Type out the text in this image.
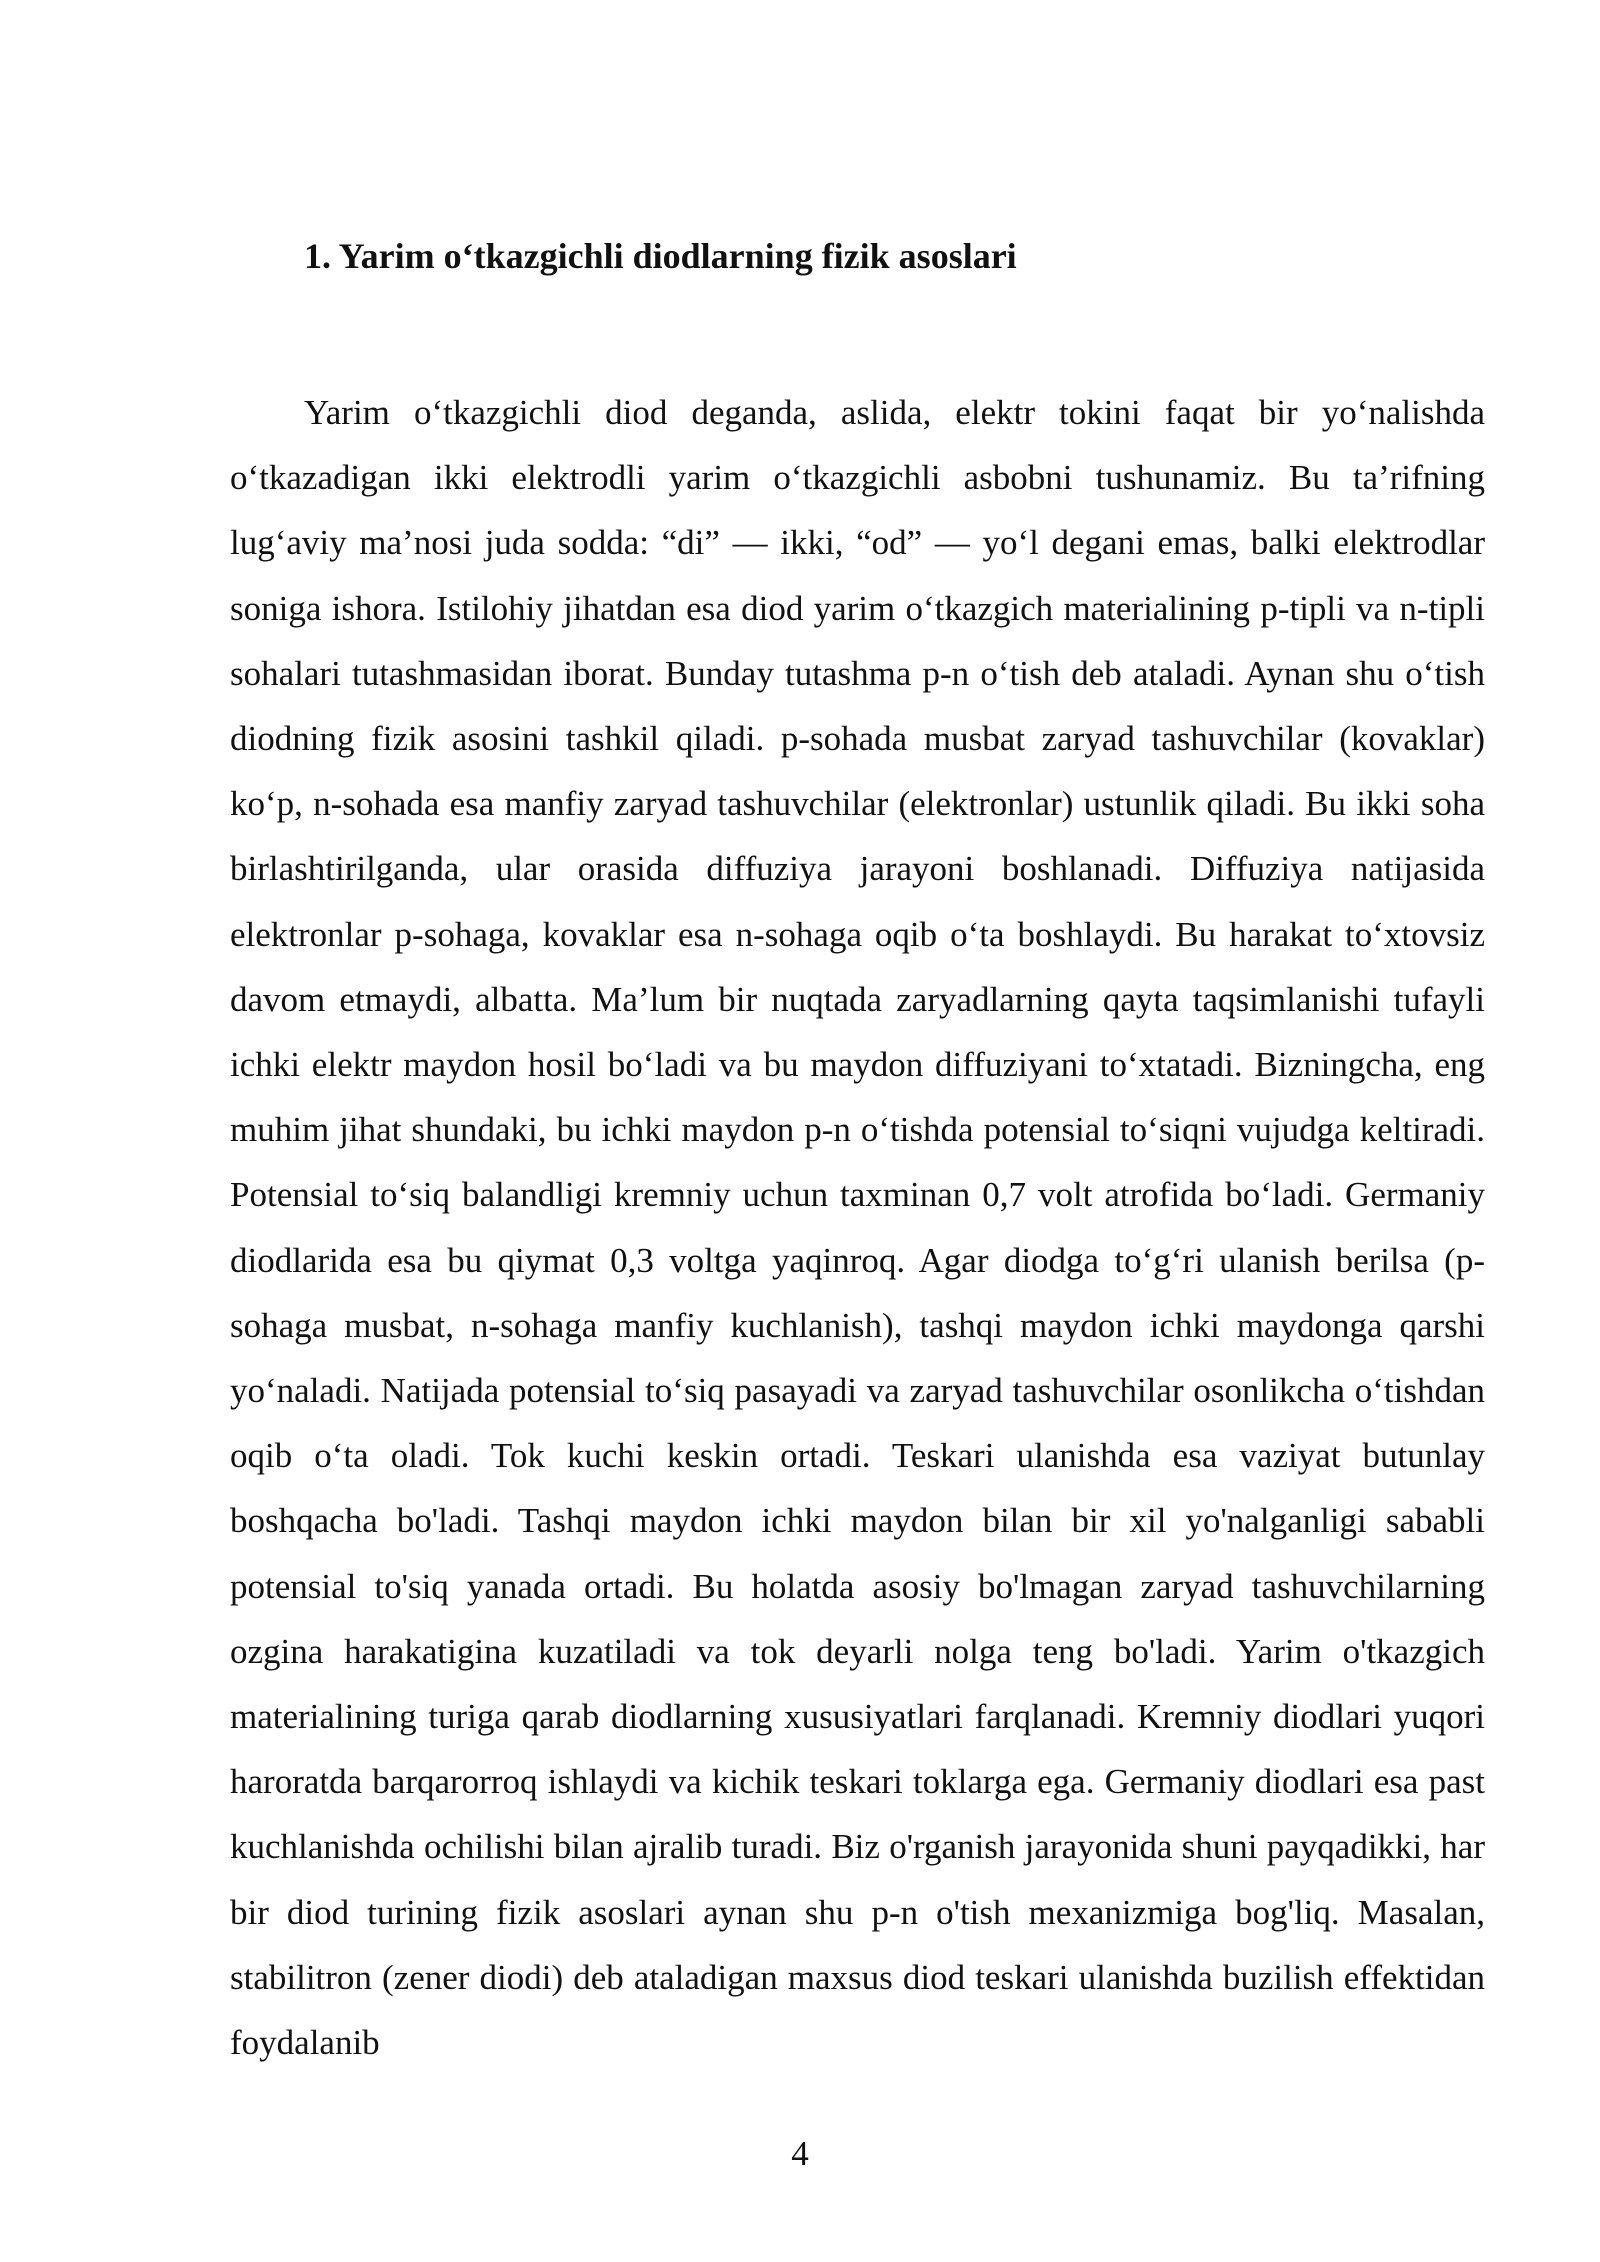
1. Yarim o‘tkazgichli diodlarning fizik asoslari

Yarim o‘tkazgichli diod deganda, aslida, elektr tokini faqat bir yo‘nalishda o‘tkazadigan ikki elektrodli yarim o‘tkazgichli asbobni tushunamiz. Bu ta’rifning lug‘aviy ma’nosi juda sodda: “di” — ikki, “od” — yo‘l degani emas, balki elektrodlar soniga ishora. Istilohiy jihatdan esa diod yarim o‘tkazgich materialining p-tipli va n-tipli sohalari tutashmasidan iborat. Bunday tutashma p-n o‘tish deb ataladi. Aynan shu o‘tish diodning fizik asosini tashkil qiladi. p-sohada musbat zaryad tashuvchilar (kovaklar) ko‘p, n-sohada esa manfiy zaryad tashuvchilar (elektronlar) ustunlik qiladi. Bu ikki soha birlashtirilganda, ular orasida diffuziya jarayoni boshlanadi. Diffuziya natijasida elektronlar p-sohaga, kovaklar esa n-sohaga oqib o‘ta boshlaydi. Bu harakat to‘xtovsiz davom etmaydi, albatta. Ma’lum bir nuqtada zaryadlarning qayta taqsimlanishi tufayli ichki elektr maydon hosil bo‘ladi va bu maydon diffuziyani to‘xtatadi. Bizningcha, eng muhim jihat shundaki, bu ichki maydon p-n o‘tishda potensial to‘siqni vujudga keltiradi. Potensial to‘siq balandligi kremniy uchun taxminan 0,7 volt atrofida bo‘ladi. Germaniy diodlarida esa bu qiymat 0,3 voltga yaqinroq. Agar diodga to‘g‘ri ulanish berilsa (p-sohaga musbat, n-sohaga manfiy kuchlanish), tashqi maydon ichki maydonga qarshi yo‘naladi. Natijada potensial to‘siq pasayadi va zaryad tashuvchilar osonlikcha o‘tishdan oqib o‘ta oladi. Tok kuchi keskin ortadi. Teskari ulanishda esa vaziyat butunlay boshqacha bo'ladi. Tashqi maydon ichki maydon bilan bir xil yo'nalganligi sababli potensial to'siq yanada ortadi. Bu holatda asosiy bo'lmagan zaryad tashuvchilarning ozgina harakatigina kuzatiladi va tok deyarli nolga teng bo'ladi. Yarim o'tkazgich materialining turiga qarab diodlarning xususiyatlari farqlanadi. Kremniy diodlari yuqori haroratda barqarorroq ishlaydi va kichik teskari toklarga ega. Germaniy diodlari esa past kuchlanishda ochilishi bilan ajralib turadi. Biz o'rganish jarayonida shuni payqadikki, har bir diod turining fizik asoslari aynan shu p-n o'tish mexanizmiga bog'liq. Masalan, stabilitron (zener diodi) deb ataladigan maxsus diod teskari ulanishda buzilish effektidan foydalanib

4
